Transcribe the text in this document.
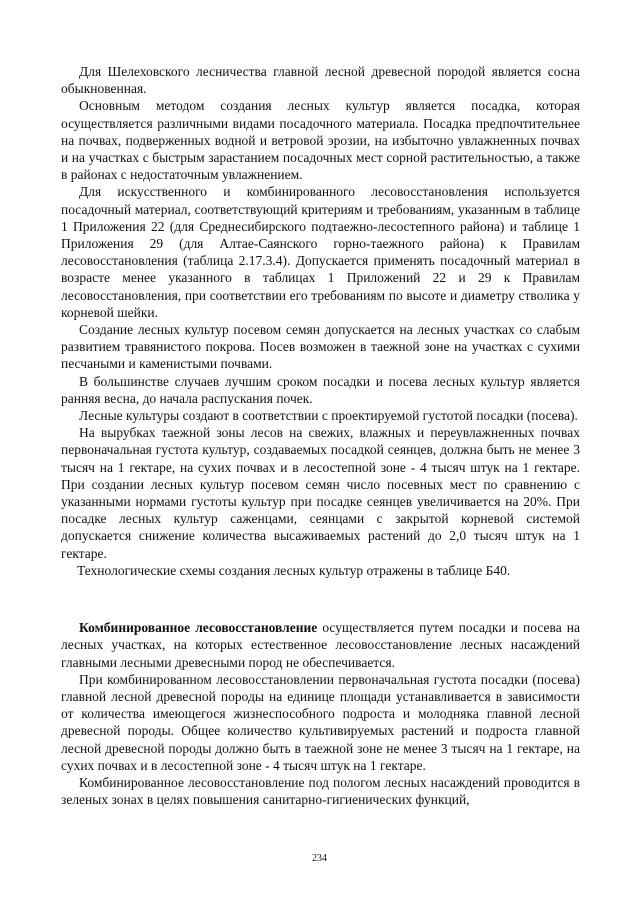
Для Шелеховского лесничества главной лесной древесной породой является сосна обыкновенная.

Основным методом создания лесных культур является посадка, которая осуществляется различными видами посадочного материала. Посадка предпочтительнее на почвах, подверженных водной и ветровой эрозии, на избыточно увлажненных почвах и на участках с быстрым зарастанием посадочных мест сорной растительностью, а также в районах с недостаточным увлажнением.

Для искусственного и комбинированного лесовосстановления используется посадочный материал, соответствующий критериям и требованиям, указанным в таблице 1 Приложения 22 (для Среднесибирского подтаежно-лесостепного района) и таблице 1 Приложения 29 (для Алтае-Саянского горно-таежного района) к Правилам лесовосстановления (таблица 2.17.3.4). Допускается применять посадочный материал в возрасте менее указанного в таблицах 1 Приложений 22 и 29 к Правилам лесовосстановления, при соответствии его требованиям по высоте и диаметру стволика у корневой шейки.

Создание лесных культур посевом семян допускается на лесных участках со слабым развитием травянистого покрова. Посев возможен в таежной зоне на участках с сухими песчаными и каменистыми почвами.

В большинстве случаев лучшим сроком посадки и посева лесных культур является ранняя весна, до начала распускания почек.

Лесные культуры создают в соответствии с проектируемой густотой посадки (посева).

На вырубках таежной зоны лесов на свежих, влажных и переувлажненных почвах первоначальная густота культур, создаваемых посадкой сеянцев, должна быть не менее 3 тысяч на 1 гектаре, на сухих почвах и в лесостепной зоне - 4 тысяч штук на 1 гектаре. При создании лесных культур посевом семян число посевных мест по сравнению с указанными нормами густоты культур при посадке сеянцев увеличивается на 20%. При посадке лесных культур саженцами, сеянцами с закрытой корневой системой допускается снижение количества высаживаемых растений до 2,0 тысяч штук на 1 гектаре.

Технологические схемы создания лесных культур отражены в таблице Б40.

Комбинированное лесовосстановление осуществляется путем посадки и посева на лесных участках, на которых естественное лесовосстановление лесных насаждений главными лесными древесными пород не обеспечивается.

При комбинированном лесовосстановлении первоначальная густота посадки (посева) главной лесной древесной породы на единице площади устанавливается в зависимости от количества имеющегося жизнеспособного подроста и молодняка главной лесной древесной породы. Общее количество культивируемых растений и подроста главной лесной древесной породы должно быть в таежной зоне не менее 3 тысяч на 1 гектаре, на сухих почвах и в лесостепной зоне - 4 тысяч штук на 1 гектаре.

Комбинированное лесовосстановление под пологом лесных насаждений проводится в зеленых зонах в целях повышения санитарно-гигиенических функций,

234
